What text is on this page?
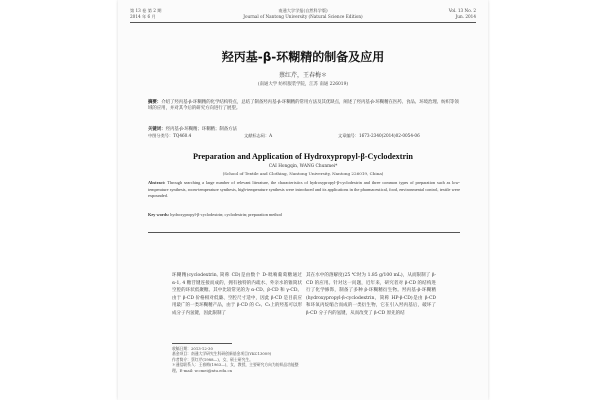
第 13 卷 第 2 期
2014 年 6 月
南通大学学报(自然科学版)
Journal of Nantong University (Natural Science Edition)
Vol. 13 No. 2
Jun. 2014
羟丙基-β-环糊精的制备及应用
蔡红芹，王春梅＊
(南通大学 纺织服装学院，江苏 南通 226019)
摘要：介绍了羟丙基-β-环糊精的化学结构特点，总结了制备羟丙基-β-环糊精的常用方法及其优缺点，阐述了羟丙基-β-环糊精在医药、食品、环境治理、纺织等领域的应用，并对其今后的研究方向进行了展望。
关键词：羟丙基-β-环糊精；环糊精；制备方法
中图分类号：TQ460.4	文献标志码：A	文章编号：1673-2340(2014)02-0054-06
Preparation and Application of Hydroxypropyl-β-Cyclodextrin
CAI Hongqin, WANG Chunmei*
(School of Textile and Clothing, Nantong University, Nantong 226019, China)
Abstract: Through searching a large number of relevant literature, the characteristics of hydroxypropyl-β-cyclodextrin and three common types of preparation such as low-temperature synthesis, room-temperature synthesis, high-temperature synthesis were introduced and its applications in the pharmaceutical, food, environmental control, textile were expounded.
Key words: hydroxypropyl-β-cyclodextrin; cyclodextrin; preparation method
环糊精(cyclodextrin, 简称 CD)是由数个 D-吡喃葡萄糖通过 α-1, 4 糖苷键连接而成的，拥有独特的内疏水、外亲水的锥筒状空腔的环状低聚糖。其中比较常见的为 α-CD、β-CD 和 γ-CD。由于 β-CD 价格相对低廉、空腔尺寸适中，因此 β-CD 是目前应用最广的一类环糊精产品，由于 β-CD 的 C₂、C₃上的羟基可以形成分子内氢键，因此限制了
其在水中的溶解度(25 ℃时为 1.85 g/100 mL)，从而限制了 β-CD 的应用。针对这一问题，近年来，研究者对 β-CD 的结构进行了化学修饰，制备了多种 β-环糊精衍生物。羟丙基-β-环糊精(hydroxypropyl-β-cyclodextrin，简称 HP-β-CD)是由 β-CD 和环氧丙烷缩合而成的一类衍生物，它在引入羟丙基后，破坏了 β-CD 分子内的氢键，从而改变了 β-CD 原先的结
收稿日期：2013-12-30
基金项目：南通大学研究生科研创新基金项目(YKC13009)
作者简介：蔡红芹(1988—)，女，硕士研究生。
＊通信联系人：王春梅(1963—)，女，教授，主要研究方向为纺织品功能整理。E-mail: w.cmei@ntu.edu.cn
